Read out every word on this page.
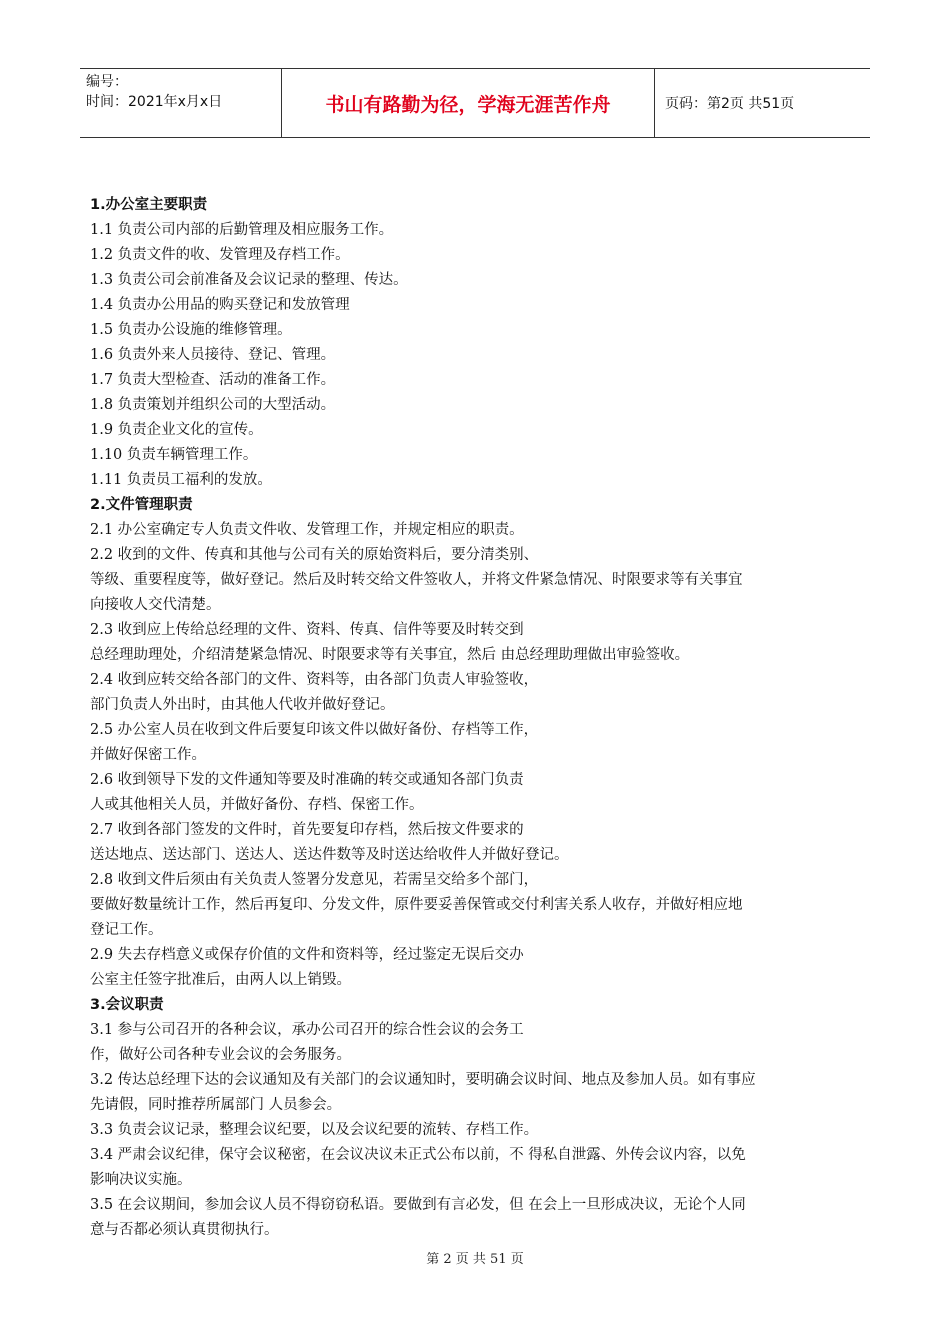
编号：
时间：2021年x月x日	书山有路勤为径，学海无涯苦作舟	页码：第2页 共51页

1.办公室主要职责

1.1 负责公司内部的后勤管理及相应服务工作。

1.2 负责文件的收、发管理及存档工作。

1.3 负责公司会前准备及会议记录的整理、传达。

1.4 负责办公用品的购买登记和发放管理

1.5 负责办公设施的维修管理。

1.6 负责外来人员接待、登记、管理。

1.7 负责大型检查、活动的准备工作。

1.8 负责策划并组织公司的大型活动。

1.9 负责企业文化的宣传。

1.10 负责车辆管理工作。

1.11 负责员工福利的发放。

2.文件管理职责

2.1 办公室确定专人负责文件收、发管理工作，并规定相应的职责。

2.2 收到的文件、传真和其他与公司有关的原始资料后，要分清类别、

等级、重要程度等，做好登记。然后及时转交给文件签收人，并将文件紧急情况、时限要求等有关事宜

向接收人交代清楚。

2.3 收到应上传给总经理的文件、资料、传真、信件等要及时转交到

总经理助理处，介绍清楚紧急情况、时限要求等有关事宜，然后 由总经理助理做出审验签收。

2.4 收到应转交给各部门的文件、资料等，由各部门负责人审验签收，

部门负责人外出时，由其他人代收并做好登记。

2.5 办公室人员在收到文件后要复印该文件以做好备份、存档等工作，

并做好保密工作。

2.6 收到领导下发的文件通知等要及时准确的转交或通知各部门负责

人或其他相关人员，并做好备份、存档、保密工作。

2.7 收到各部门签发的文件时，首先要复印存档，然后按文件要求的

送达地点、送达部门、送达人、送达件数等及时送达给收件人并做好登记。

2.8 收到文件后须由有关负责人签署分发意见，若需呈交给多个部门，

要做好数量统计工作，然后再复印、分发文件，原件要妥善保管或交付利害关系人收存，并做好相应地

登记工作。

2.9 失去存档意义或保存价值的文件和资料等，经过鉴定无误后交办

公室主任签字批准后，由两人以上销毁。

3.会议职责

3.1 参与公司召开的各种会议，承办公司召开的综合性会议的会务工

作，做好公司各种专业会议的会务服务。

3.2 传达总经理下达的会议通知及有关部门的会议通知时，要明确会议时间、地点及参加人员。如有事应

先请假，同时推荐所属部门 人员参会。

3.3 负责会议记录，整理会议纪要，以及会议纪要的流转、存档工作。

3.4 严肃会议纪律，保守会议秘密，在会议决议未正式公布以前，不 得私自泄露、外传会议内容，以免

影响决议实施。

3.5 在会议期间，参加会议人员不得窃窃私语。要做到有言必发，但 在会上一旦形成决议，无论个人同

意与否都必须认真贯彻执行。

第 2 页 共 51 页
